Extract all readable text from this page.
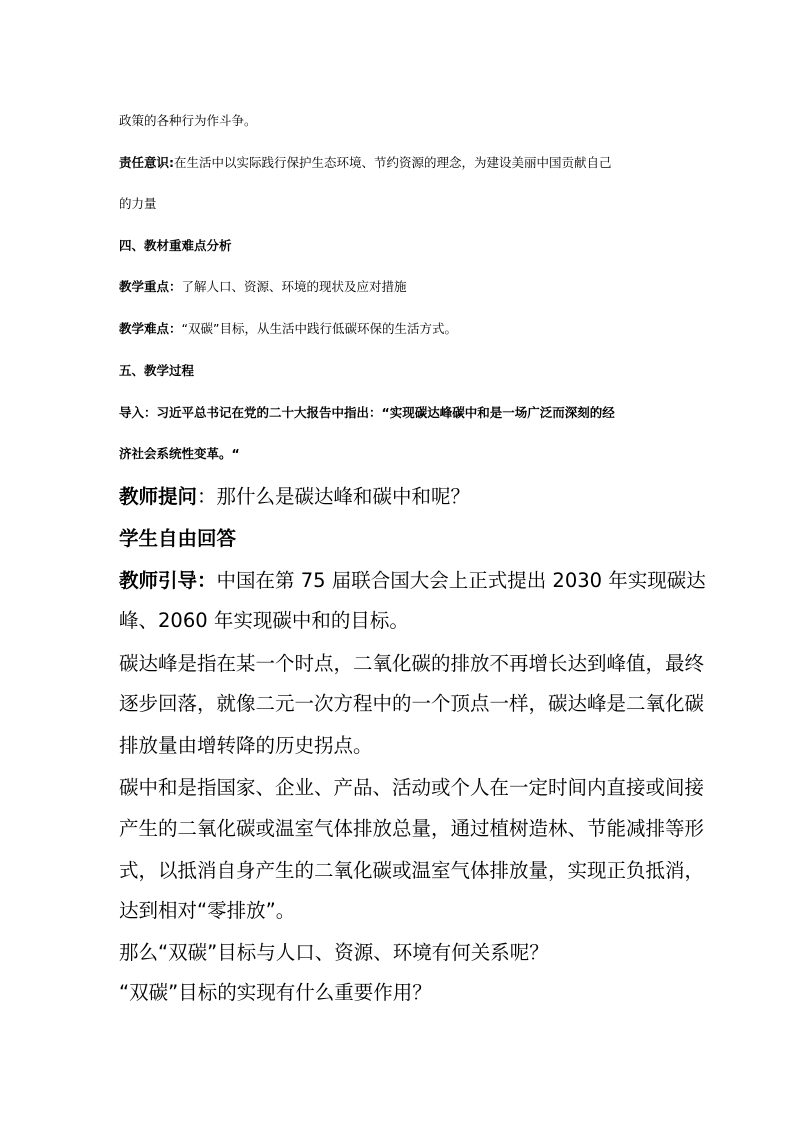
政策的各种行为作斗争。
责任意识:在生活中以实际践行保护生态环境、节约资源的理念，为建设美丽中国贡献自己
的力量
四、教材重难点分析
教学重点：了解人口、资源、环境的现状及应对措施
教学难点：“双碳”目标，从生活中践行低碳环保的生活方式。
五、教学过程
导入：习近平总书记在党的二十大报告中指出：“实现碳达峰碳中和是一场广泛而深刻的经
济社会系统性变革。“
教师提问：那什么是碳达峰和碳中和呢？
学生自由回答
教师引导：中国在第 75 届联合国大会上正式提出 2030 年实现碳达
峰、2060 年实现碳中和的目标。
碳达峰是指在某一个时点，二氧化碳的排放不再增长达到峰值，最终
逐步回落，就像二元一次方程中的一个顶点一样，碳达峰是二氧化碳
排放量由增转降的历史拐点。
碳中和是指国家、企业、产品、活动或个人在一定时间内直接或间接
产生的二氧化碳或温室气体排放总量，通过植树造林、节能减排等形
式，以抵消自身产生的二氧化碳或温室气体排放量，实现正负抵消，
达到相对“零排放”。
那么“双碳”目标与人口、资源、环境有何关系呢？
“双碳”目标的实现有什么重要作用？
